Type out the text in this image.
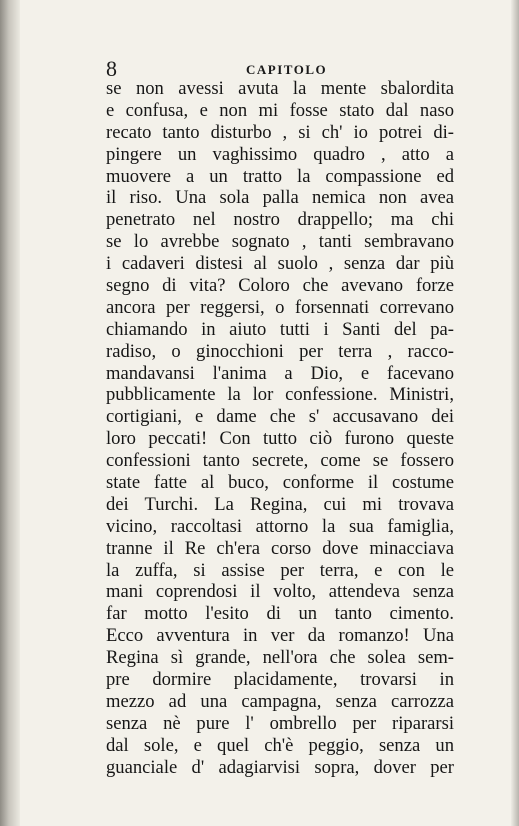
8	CAPITOLO
se non avessi avuta la mente sbalordita
e confusa, e non mi fosse stato dal naso
recato tanto disturbo , si ch' io potrei di-
pingere un vaghissimo quadro , atto a
muovere a un tratto la compassione ed
il riso. Una sola palla nemica non avea
penetrato nel nostro drappello; ma chi
se lo avrebbe sognato , tanti sembravano
i cadaveri distesi al suolo , senza dar più
segno di vita? Coloro che avevano forze
ancora per reggersi, o forsennati correvano
chiamando in aiuto tutti i Santi del pa-
radiso, o ginocchioni per terra , racco-
mandavansi l'anima a Dio, e facevano
pubblicamente la lor confessione. Ministri,
cortigiani, e dame che s' accusavano dei
loro peccati! Con tutto ciò furono queste
confessioni tanto secrete, come se fossero
state fatte al buco, conforme il costume
dei Turchi. La Regina, cui mi trovava
vicino, raccoltasi attorno la sua famiglia,
tranne il Re ch'era corso dove minacciava
la zuffa, si assise per terra, e con le
mani coprendosi il volto, attendeva senza
far motto l'esito di un tanto cimento.
Ecco avventura in ver da romanzo! Una
Regina sì grande, nell'ora che solea sem-
pre dormire placidamente, trovarsi in
mezzo ad una campagna, senza carrozza
senza nè pure l' ombrello per ripararsi
dal sole, e quel ch'è peggio, senza un
guanciale d' adagiarvisi sopra, dover per
